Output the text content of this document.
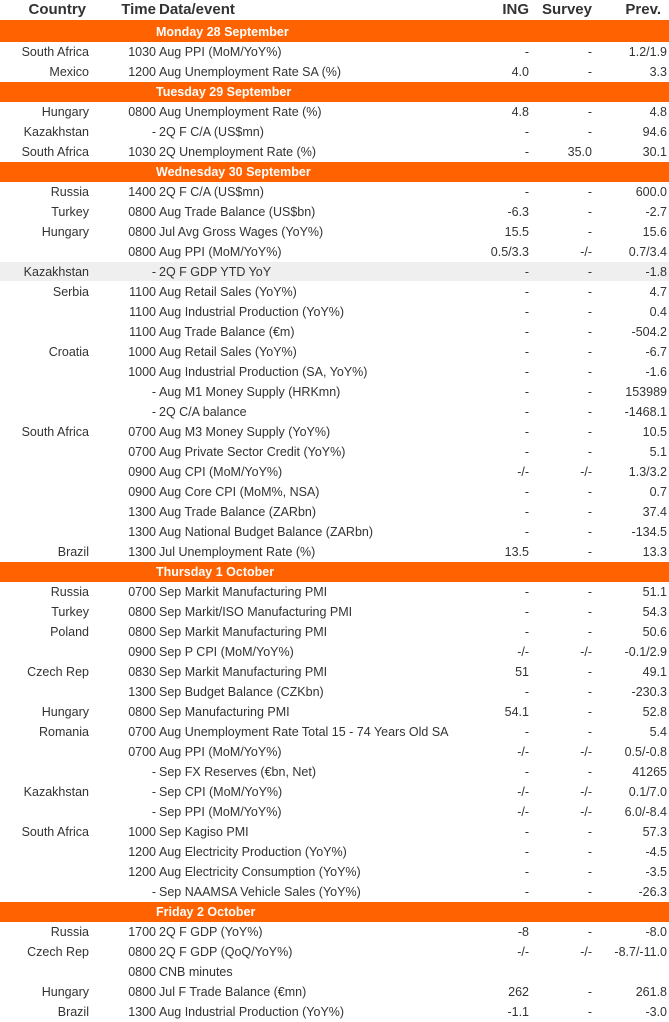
Country	Time Data/event	ING Survey	Prev.
Monday 28 September
South Africa	1030 Aug PPI (MoM/YoY%)	-	-	1.2/1.9
Mexico	1200 Aug Unemployment Rate SA (%)	4.0	-	3.3
Tuesday 29 September
Hungary	0800 Aug Unemployment Rate (%)	4.8	-	4.8
Kazakhstan	- 2Q F C/A (US$mn)	-	-	94.6
South Africa	1030 2Q Unemployment Rate (%)	-	35.0	30.1
Wednesday 30 September
Russia	1400 2Q F C/A (US$mn)	-	-	600.0
Turkey	0800 Aug Trade Balance (US$bn)	-6.3	-	-2.7
Hungary	0800 Jul Avg Gross Wages (YoY%)	15.5	-	15.6
0800 Aug PPI (MoM/YoY%)	0.5/3.3	-/-	0.7/3.4
Kazakhstan	- 2Q F GDP YTD YoY	-	-	-1.8
Serbia	1100 Aug Retail Sales (YoY%)	-	-	4.7
1100 Aug Industrial Production (YoY%)	-	-	0.4
1100 Aug Trade Balance (€m)	-	-	-504.2
Croatia	1000 Aug Retail Sales (YoY%)	-	-	-6.7
1000 Aug Industrial Production (SA, YoY%)	-	-	-1.6
- Aug M1 Money Supply (HRKmn)	-	-	153989
- 2Q C/A balance	-	-	-1468.1
South Africa	0700 Aug M3 Money Supply (YoY%)	-	-	10.5
0700 Aug Private Sector Credit (YoY%)	-	-	5.1
0900 Aug CPI (MoM/YoY%)	-/-	-/-	1.3/3.2
0900 Aug Core CPI (MoM%, NSA)	-	-	0.7
1300 Aug Trade Balance (ZARbn)	-	-	37.4
1300 Aug National Budget Balance (ZARbn)	-	-	-134.5
Brazil	1300 Jul Unemployment Rate (%)	13.5	-	13.3
Thursday 1 October
Russia	0700 Sep Markit Manufacturing PMI	-	-	51.1
Turkey	0800 Sep Markit/ISO Manufacturing PMI	-	-	54.3
Poland	0800 Sep Markit Manufacturing PMI	-	-	50.6
0900 Sep P CPI (MoM/YoY%)	-/-	-/-	-0.1/2.9
Czech Rep	0830 Sep Markit Manufacturing PMI	51	-	49.1
1300 Sep Budget Balance (CZKbn)	-	-	-230.3
Hungary	0800 Sep Manufacturing PMI	54.1	-	52.8
Romania	0700 Aug Unemployment Rate Total 15 - 74 Years Old SA	-	-	5.4
0700 Aug PPI (MoM/YoY%)	-/-	-/-	0.5/-0.8
- Sep FX Reserves (€bn, Net)	-	-	41265
Kazakhstan	- Sep CPI (MoM/YoY%)	-/-	-/-	0.1/7.0
- Sep PPI (MoM/YoY%)	-/-	-/-	6.0/-8.4
South Africa	1000 Sep Kagiso PMI	-	-	57.3
1200 Aug Electricity Production (YoY%)	-	-	-4.5
1200 Aug Electricity Consumption (YoY%)	-	-	-3.5
- Sep NAAMSA Vehicle Sales (YoY%)	-	-	-26.3
Friday 2 October
Russia	1700 2Q F GDP (YoY%)	-8	-	-8.0
Czech Rep	0800 2Q F GDP (QoQ/YoY%)	-/-	-/-	-8.7/-11.0
0800 CNB minutes
Hungary	0800 Jul F Trade Balance (€mn)	262	-	261.8
Brazil	1300 Aug Industrial Production (YoY%)	-1.1	-	-3.0
